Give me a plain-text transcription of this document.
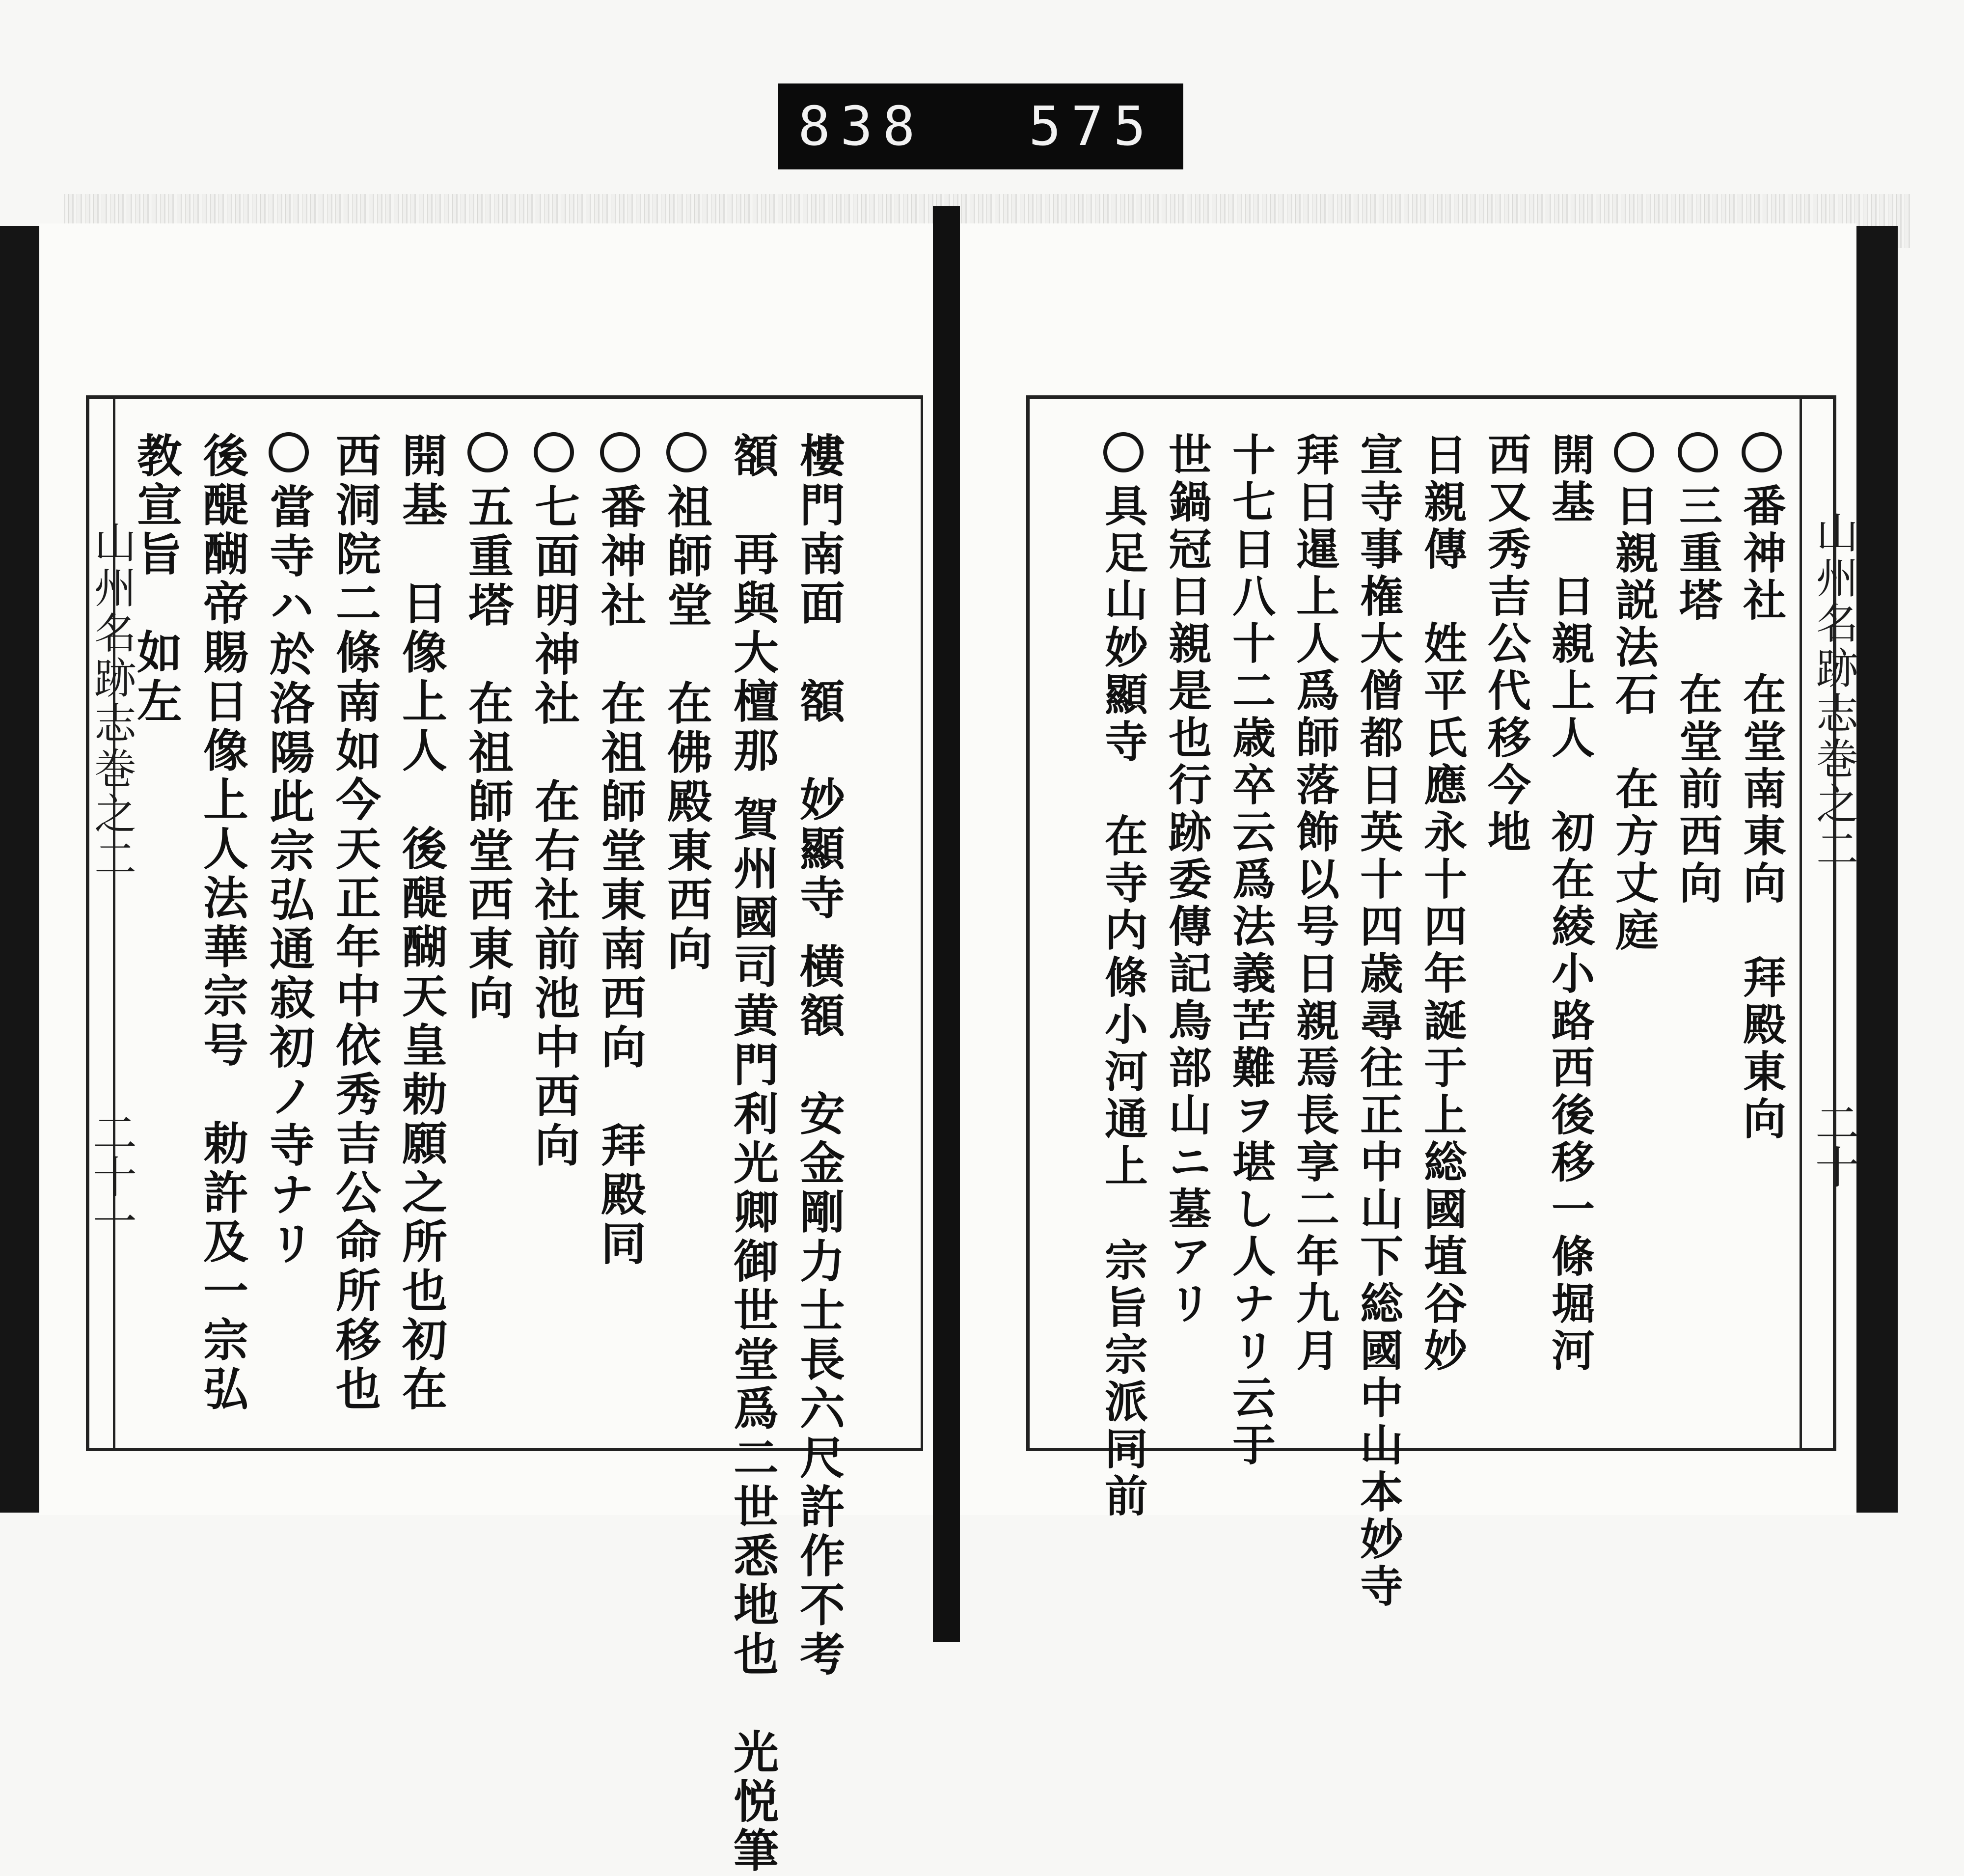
838 575
山州名跡志巻之二
二十一
山州名跡志巻之二
二十
樓門南面　額　妙顯寺 横額　安金剛力士長六尺許作不考
額　再與大檀那 賀州國司黄門利光卿御世堂爲二世悉地也　光悦筆
祖師堂　在佛殿東西向
番神社　在祖師堂東南西向　拜殿同
七面明神社　在右社前池中西向
五重塔　在祖師堂西東向
開基　日像上人　後醍醐天皇勅願之所也初在
西洞院二條南如今天正年中依秀吉公命所移也
當寺ハ於洛陽此宗弘通寂初ノ寺ナリ
後醍醐帝賜日像上人法華宗号　勅許及一宗弘
教宣旨　如左	番神社　在堂南東向　拜殿東向
三重塔　在堂前西向
日親説法石　在方丈庭
開基　日親上人　初在綾小路西後移一條堀河
西又秀吉公代移今地
日親傳　姓平氏應永十四年誕于上総國埴谷妙
宣寺事権大僧都日英十四歳尋往正中山下総國中山本妙寺
拜日暹上人爲師落飾以号日親焉長享二年九月
十七日八十二歳卒云爲法義苦難ヲ堪し人ナリ云于
世鍋冠日親是也行跡委傳記鳥部山ニ墓アリ
具足山妙顯寺　在寺内條小河通上　宗旨宗派同前
